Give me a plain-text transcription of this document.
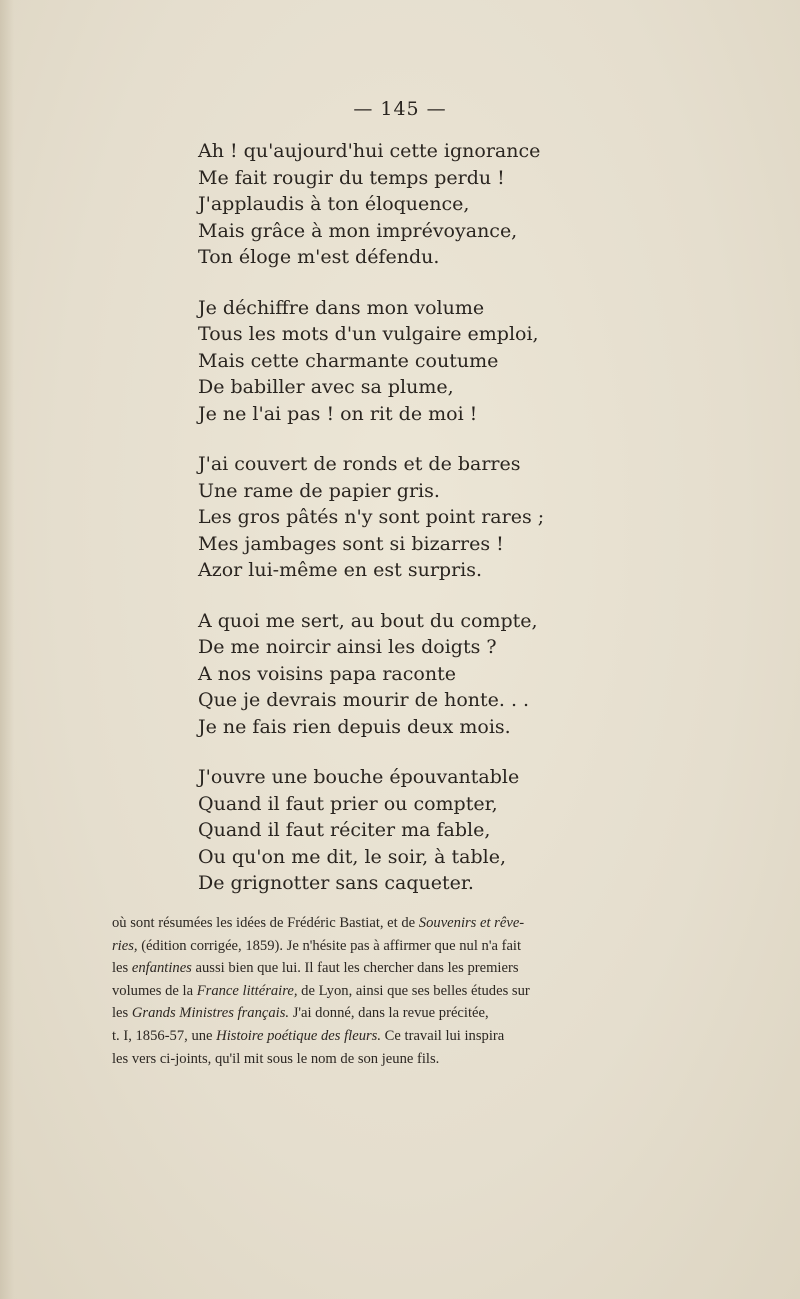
— 145 —
Ah ! qu'aujourd'hui cette ignorance
Me fait rougir du temps perdu !
J'applaudis à ton éloquence,
Mais grâce à mon imprévoyance,
Ton éloge m'est défendu.
Je déchiffre dans mon volume
Tous les mots d'un vulgaire emploi,
Mais cette charmante coutume
De babiller avec sa plume,
Je ne l'ai pas ! on rit de moi !
J'ai couvert de ronds et de barres
Une rame de papier gris.
Les gros pâtés n'y sont point rares ;
Mes jambages sont si bizarres !
Azor lui-même en est surpris.
A quoi me sert, au bout du compte,
De me noircir ainsi les doigts ?
A nos voisins papa raconte
Que je devrais mourir de honte. . .
Je ne fais rien depuis deux mois.
J'ouvre une bouche épouvantable
Quand il faut prier ou compter,
Quand il faut réciter ma fable,
Ou qu'on me dit, le soir, à table,
De grignotter sans caqueter.
où sont résumées les idées de Frédéric Bastiat, et de Souvenirs et rêve-
ries, (édition corrigée, 1859). Je n'hésite pas à affirmer que nul n'a fait
les enfantines aussi bien que lui. Il faut les chercher dans les premiers
volumes de la France littéraire, de Lyon, ainsi que ses belles études sur
les Grands Ministres français. J'ai donné, dans la revue précitée,
t. I, 1856-57, une Histoire poétique des fleurs. Ce travail lui inspira
les vers ci-joints, qu'il mit sous le nom de son jeune fils.
